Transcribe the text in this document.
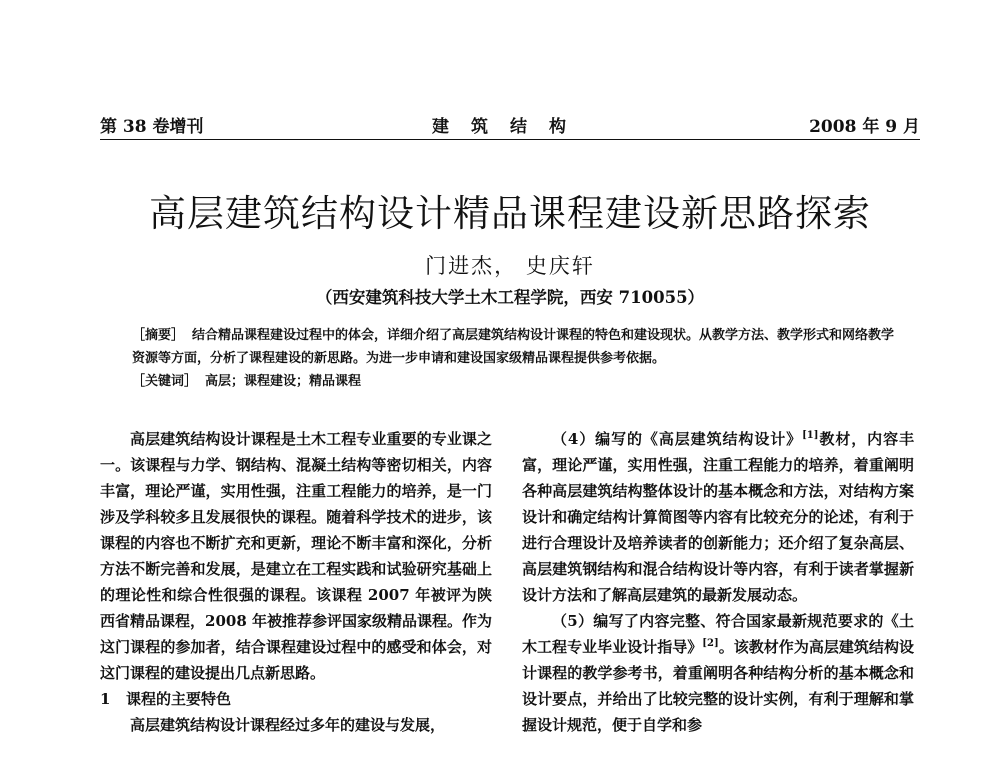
第 38 卷增刊	建筑结构	2008 年 9 月
高层建筑结构设计精品课程建设新思路探索
门进杰， 史庆轩
（西安建筑科技大学土木工程学院，西安 710055）
［摘要］ 结合精品课程建设过程中的体会，详细介绍了高层建筑结构设计课程的特色和建设现状。从教学方法、教学形式和网络教学资源等方面，分析了课程建设的新思路。为进一步申请和建设国家级精品课程提供参考依据。
［关键词］ 高层；课程建设；精品课程

高层建筑结构设计课程是土木工程专业重要的专业课之一。该课程与力学、钢结构、混凝土结构等密切相关，内容丰富，理论严谨，实用性强，注重工程能力的培养，是一门涉及学科较多且发展很快的课程。随着科学技术的进步，该课程的内容也不断扩充和更新，理论不断丰富和深化，分析方法不断完善和发展，是建立在工程实践和试验研究基础上的理论性和综合性很强的课程。该课程 2007 年被评为陕西省精品课程，2008 年被推荐参评国家级精品课程。作为这门课程的参加者，结合课程建设过程中的感受和体会，对这门课程的建设提出几点新思路。

1 课程的主要特色

高层建筑结构设计课程经过多年的建设与发展，

（4）编写的《高层建筑结构设计》[1]教材，内容丰富，理论严谨，实用性强，注重工程能力的培养，着重阐明各种高层建筑结构整体设计的基本概念和方法，对结构方案设计和确定结构计算简图等内容有比较充分的论述，有利于进行合理设计及培养读者的创新能力；还介绍了复杂高层、高层建筑钢结构和混合结构设计等内容，有利于读者掌握新设计方法和了解高层建筑的最新发展动态。

（5）编写了内容完整、符合国家最新规范要求的《土木工程专业毕业设计指导》[2]。该教材作为高层建筑结构设计课程的教学参考书，着重阐明各种结构分析的基本概念和设计要点，并给出了比较完整的设计实例，有利于理解和掌握设计规范，便于自学和参
